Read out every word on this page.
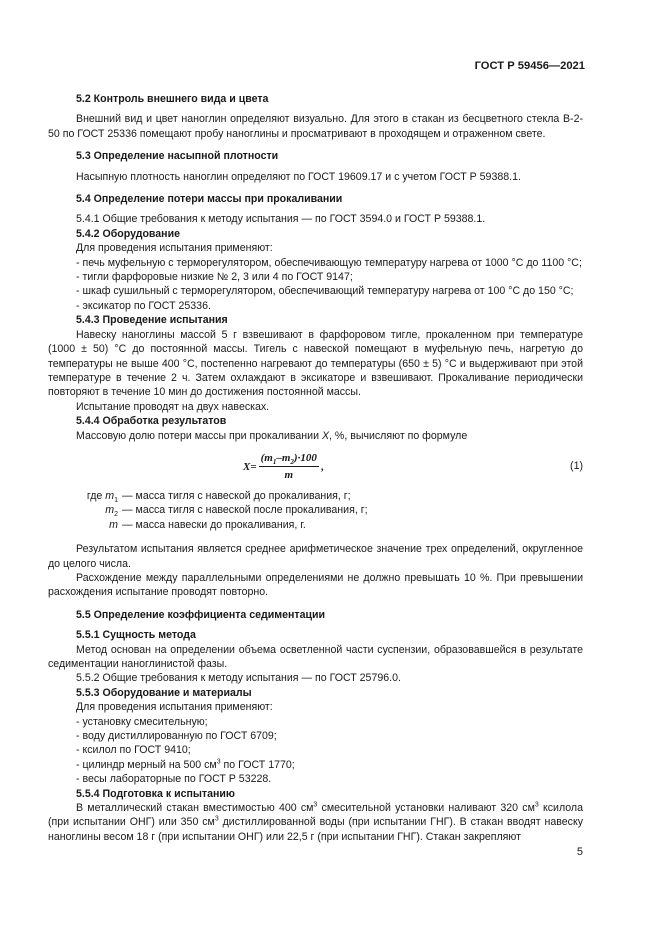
ГОСТ Р 59456—2021
5.2 Контроль внешнего вида и цвета

Внешний вид и цвет наноглин определяют визуально. Для этого в стакан из бесцветного стекла В-2-50 по ГОСТ 25336 помещают пробу наноглины и просматривают в проходящем и отраженном свете.

5.3 Определение насыпной плотности

Насыпную плотность наноглин определяют по ГОСТ 19609.17 и с учетом ГОСТ Р 59388.1.

5.4 Определение потери массы при прокаливании

5.4.1 Общие требования к методу испытания — по ГОСТ 3594.0 и ГОСТ Р 59388.1.

5.4.2 Оборудование

Для проведения испытания применяют:

- печь муфельную с терморегулятором, обеспечивающую температуру нагрева от 1000 °С до 1100 °С;

- тигли фарфоровые низкие № 2, 3 или 4 по ГОСТ 9147;

- шкаф сушильный с терморегулятором, обеспечивающий температуру нагрева от 100 °С до 150 °С;

- эксикатор по ГОСТ 25336.

5.4.3 Проведение испытания

Навеску наноглины массой 5 г взвешивают в фарфоровом тигле, прокаленном при температуре (1000 ± 50) °С до постоянной массы. Тигель с навеской помещают в муфельную печь, нагретую до температуры не выше 400 °С, постепенно нагревают до температуры (650 ± 5) °С и выдерживают при этой температуре в течение 2 ч. Затем охлаждают в эксикаторе и взвешивают. Прокаливание периодически повторяют в течение 10 мин до достижения постоянной массы.

Испытание проводят на двух навесках.

5.4.4 Обработка результатов

Массовую долю потери массы при прокаливании X, %, вычисляют по формуле

$X = \frac{(m_1-m_2)\cdot 100}{m}$ ,	(1)
где $m_1$ — масса тигля с навеской до прокаливания, г;
$m_2$ — масса тигля с навеской после прокаливания, г;
m — масса навески до прокаливания, г.

Результатом испытания является среднее арифметическое значение трех определений, округленное до целого числа.

Расхождение между параллельными определениями не должно превышать 10 %. При превышении расхождения испытание проводят повторно.

5.5 Определение коэффициента седиментации
5.5.1 Сущность метода

Метод основан на определении объема осветленной части суспензии, образовавшейся в результате седиментации наноглинистой фазы.

5.5.2 Общие требования к методу испытания — по ГОСТ 25796.0.

5.5.3 Оборудование и материалы

Для проведения испытания применяют:

- установку смесительную;

- воду дистиллированную по ГОСТ 6709;

- ксилол по ГОСТ 9410;

- цилиндр мерный на 500 $см^3$ по ГОСТ 1770;

- весы лабораторные по ГОСТ Р 53228.

5.5.4 Подготовка к испытанию

В металлический стакан вместимостью 400 $см^3$ смесительной установки наливают 320 $см^3$ ксилола (при испытании ОНГ) или 350 $см^3$ дистиллированной воды (при испытании ГНГ). В стакан вводят навеску наноглины весом 18 г (при испытании ОНГ) или 22,5 г (при испытании ГНГ). Стакан закрепляют

5
